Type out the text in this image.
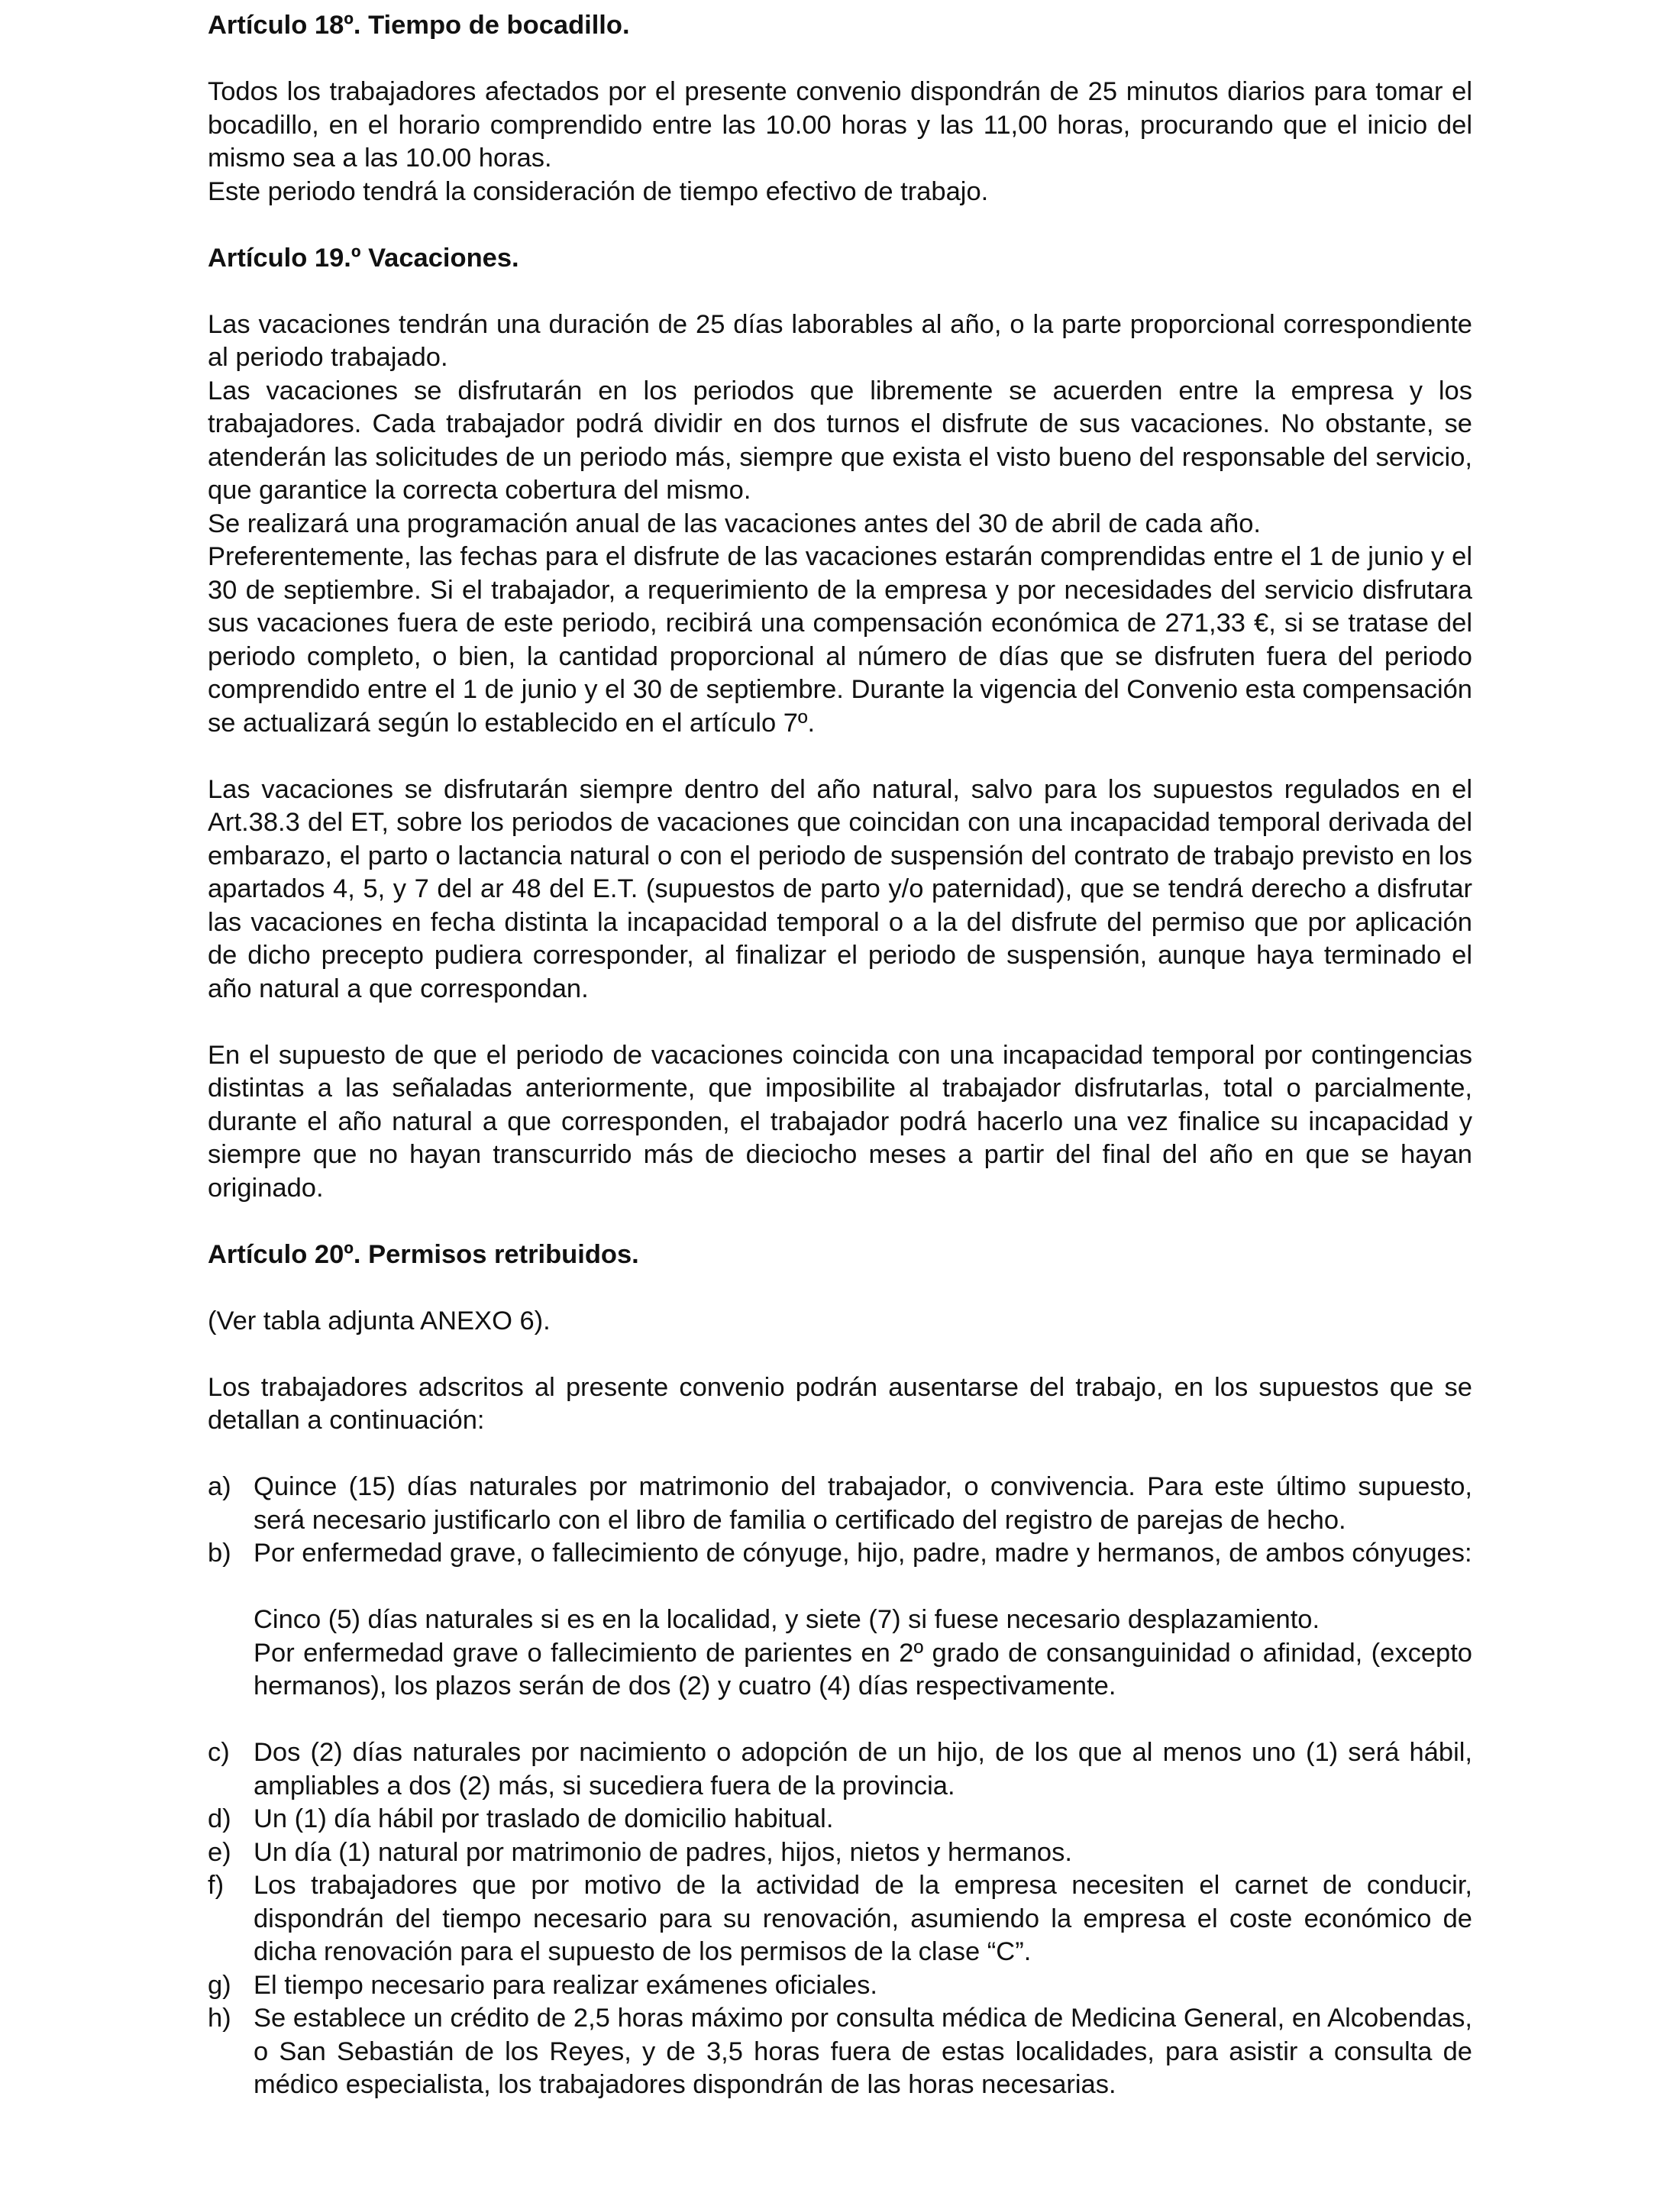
Artículo 18º. Tiempo de bocadillo.

Todos los trabajadores afectados por el presente convenio dispondrán de 25 minutos diarios para tomar el bocadillo, en el horario comprendido entre las 10.00 horas y las 11,00 horas, procurando que el inicio del mismo sea a las 10.00 horas.

Este periodo tendrá la consideración de tiempo efectivo de trabajo.

Artículo 19.º Vacaciones.

Las vacaciones tendrán una duración de 25 días laborables al año, o la parte proporcional correspondiente al periodo trabajado.

Las vacaciones se disfrutarán en los periodos que libremente se acuerden entre la empresa y los trabajadores. Cada trabajador podrá dividir en dos turnos el disfrute de sus vacaciones. No obstante, se atenderán las solicitudes de un periodo más, siempre que exista el visto bueno del responsable del servicio, que garantice la correcta cobertura del mismo.

Se realizará una programación anual de las vacaciones antes del 30 de abril de cada año.

Preferentemente, las fechas para el disfrute de las vacaciones estarán comprendidas entre el 1 de junio y el 30 de septiembre. Si el trabajador, a requerimiento de la empresa y por necesidades del servicio disfrutara sus vacaciones fuera de este periodo, recibirá una compensación económica de 271,33 €, si se tratase del periodo completo, o bien, la cantidad proporcional al número de días que se disfruten fuera del periodo comprendido entre el 1 de junio y el 30 de septiembre. Durante la vigencia del Convenio esta compensación se actualizará según lo establecido en el artículo 7º.

Las vacaciones se disfrutarán siempre dentro del año natural, salvo para los supuestos regulados en el Art.38.3 del ET, sobre los periodos de vacaciones que coincidan con una incapacidad temporal derivada del embarazo, el parto o lactancia natural o con el periodo de suspensión del contrato de trabajo previsto en los apartados 4, 5, y 7 del ar 48 del E.T. (supuestos de parto y/o paternidad), que se tendrá derecho a disfrutar las vacaciones en fecha distinta la incapacidad temporal o a la del disfrute del permiso que por aplicación de dicho precepto pudiera corresponder, al finalizar el periodo de suspensión, aunque haya terminado el año natural a que correspondan.

En el supuesto de que el periodo de vacaciones coincida con una incapacidad temporal por contingencias distintas a las señaladas anteriormente, que imposibilite al trabajador disfrutarlas, total o parcialmente, durante el año natural a que corresponden, el trabajador podrá hacerlo una vez finalice su incapacidad y siempre que no hayan transcurrido más de dieciocho meses a partir del final del año en que se hayan originado.

Artículo 20º. Permisos retribuidos.

(Ver tabla adjunta ANEXO 6).

Los trabajadores adscritos al presente convenio podrán ausentarse del trabajo, en los supuestos que se detallan a continuación:

a) Quince (15) días naturales por matrimonio del trabajador, o convivencia. Para este último supuesto, será necesario justificarlo con el libro de familia o certificado del registro de parejas de hecho.
b) Por enfermedad grave, o fallecimiento de cónyuge, hijo, padre, madre y hermanos, de ambos cónyuges:

Cinco (5) días naturales si es en la localidad, y siete (7) si fuese necesario desplazamiento.

Por enfermedad grave o fallecimiento de parientes en 2º grado de consanguinidad o afinidad, (excepto hermanos), los plazos serán de dos (2) y cuatro (4) días respectivamente.

c) Dos (2) días naturales por nacimiento o adopción de un hijo, de los que al menos uno (1) será hábil, ampliables a dos (2) más, si sucediera fuera de la provincia.
d) Un (1) día hábil por traslado de domicilio habitual.
e) Un día (1) natural por matrimonio de padres, hijos, nietos y hermanos.
f) Los trabajadores que por motivo de la actividad de la empresa necesiten el carnet de conducir, dispondrán del tiempo necesario para su renovación, asumiendo la empresa el coste económico de dicha renovación para el supuesto de los permisos de la clase “C”.
g) El tiempo necesario para realizar exámenes oficiales.
h) Se establece un crédito de 2,5 horas máximo por consulta médica de Medicina General, en Alcobendas, o San Sebastián de los Reyes, y de 3,5 horas fuera de estas localidades, para asistir a consulta de médico especialista, los trabajadores dispondrán de las horas necesarias.
